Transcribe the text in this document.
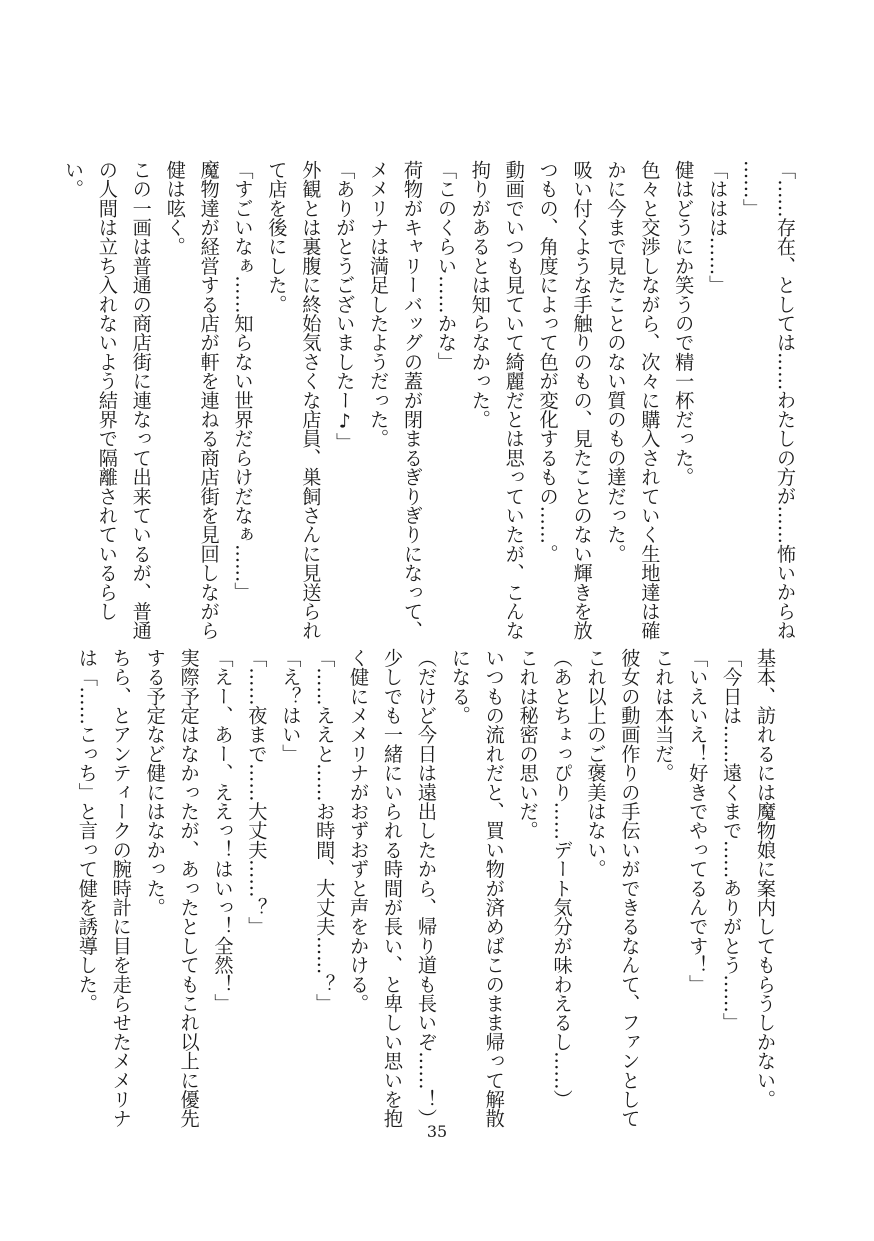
「……存在、としては……わたしの方が……怖いからね

……」

「ははは……」

健はどうにか笑うので精一杯だった。

色々と交渉しながら、次々に購入されていく生地達は確

かに今まで見たことのない質のもの達だった。

吸い付くような手触りのもの、見たことのない輝きを放

つもの、角度によって色が変化するもの……。

動画でいつも見ていて綺麗だとは思っていたが、こんな

拘りがあるとは知らなかった。

「このくらい……かな」

荷物がキャリーバッグの蓋が閉まるぎりぎりになって、

メメリナは満足したようだった。

「ありがとうございましたー♪」

外観とは裏腹に終始気さくな店員、巣飼さんに見送られ

て店を後にした。

「すごいなぁ……知らない世界だらけだなぁ……」

魔物達が経営する店が軒を連ねる商店街を見回しながら

健は呟く。

この一画は普通の商店街に連なって出来ているが、普通

の人間は立ち入れないよう結界で隔離されているらし

い。

基本、訪れるには魔物娘に案内してもらうしかない。

「今日は……遠くまで……ありがとう……」

「いえいえ！好きでやってるんです！」

これは本当だ。

彼女の動画作りの手伝いができるなんて、ファンとして

これ以上のご褒美はない。

（あとちょっぴり……デート気分が味わえるし……）

これは秘密の思いだ。

いつもの流れだと、買い物が済めばこのまま帰って解散

になる。

（だけど今日は遠出したから、帰り道も長いぞ……！）

少しでも一緒にいられる時間が長い、と卑しい思いを抱

く健にメメリナがおずおずと声をかける。

「……ええと……お時間、大丈夫……？」

「え？はい」

「……夜まで……大丈夫……？」

「えー、あー、ええっ！はいっ！全然！」

実際予定はなかったが、あったとしてもこれ以上に優先

する予定など健にはなかった。

ちら、とアンティークの腕時計に目を走らせたメメリナ

は「……こっち」と言って健を誘導した。

35
